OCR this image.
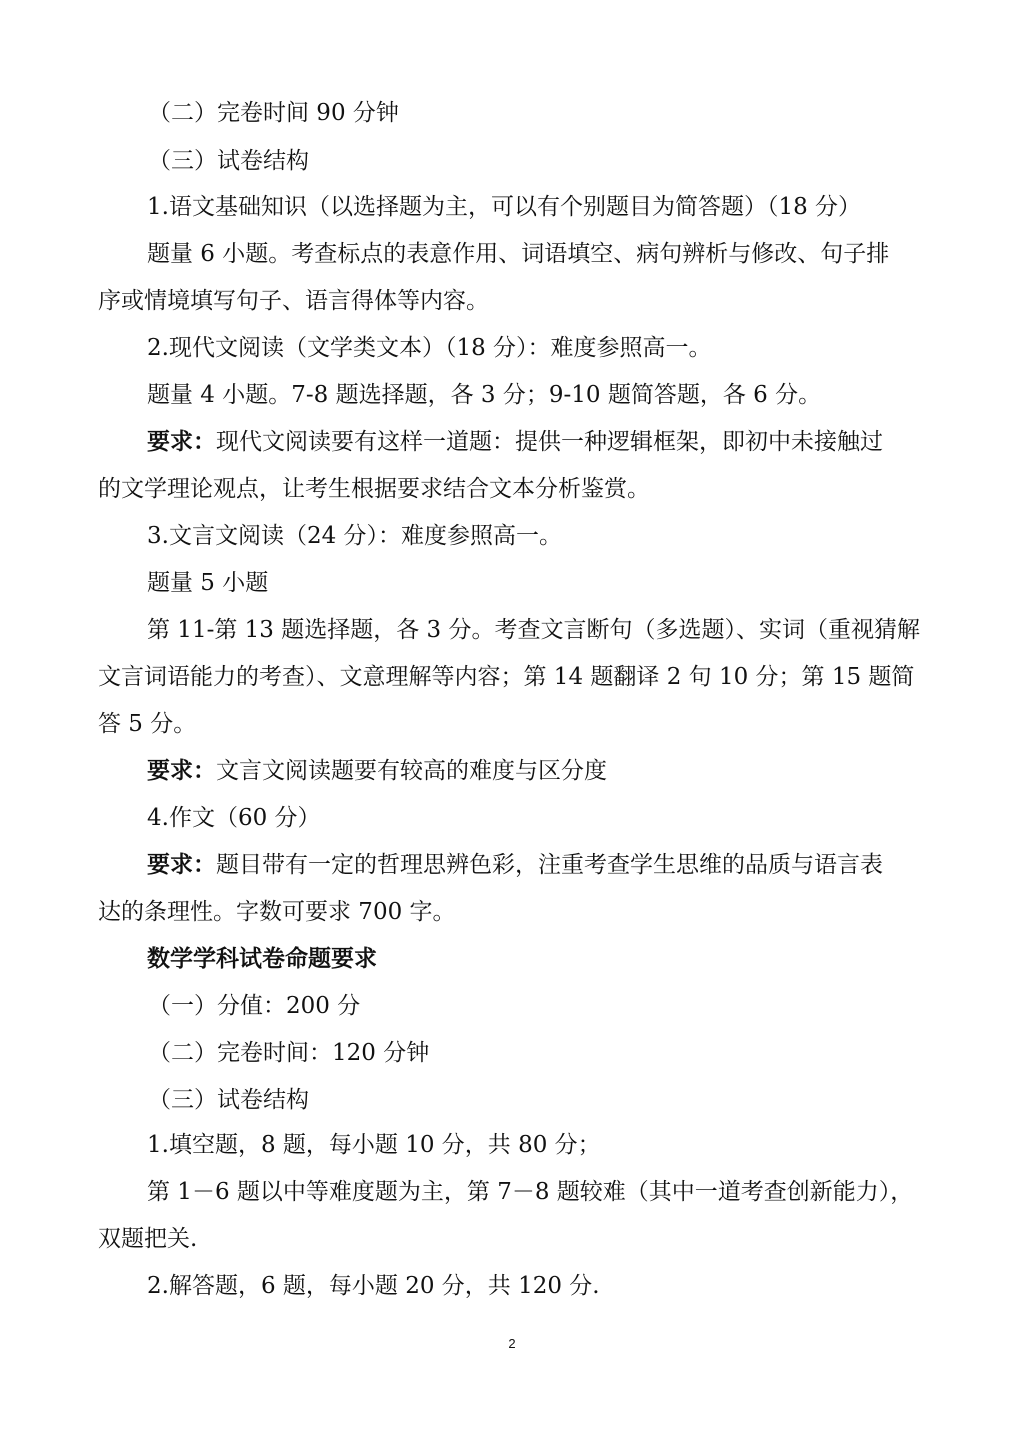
（二）完卷时间 90 分钟
（三）试卷结构
1.语文基础知识（以选择题为主，可以有个别题目为简答题）（18 分）
题量 6 小题。考查标点的表意作用、词语填空、病句辨析与修改、句子排
序或情境填写句子、语言得体等内容。
2.现代文阅读（文学类文本）（18 分）：难度参照高一。
题量 4 小题。7-8 题选择题，各 3 分；9-10 题简答题，各 6 分。
要求：现代文阅读要有这样一道题：提供一种逻辑框架，即初中未接触过
的文学理论观点，让考生根据要求结合文本分析鉴赏。
3.文言文阅读（24 分）：难度参照高一。
题量 5 小题
第 11-第 13 题选择题，各 3 分。考查文言断句（多选题）、实词（重视猜解
文言词语能力的考查）、文意理解等内容；第 14 题翻译 2 句 10 分；第 15 题简
答 5 分。
要求：文言文阅读题要有较高的难度与区分度
4.作文（60 分）
要求：题目带有一定的哲理思辨色彩，注重考查学生思维的品质与语言表
达的条理性。字数可要求 700 字。
数学学科试卷命题要求
（一）分值：200 分
（二）完卷时间：120 分钟
（三）试卷结构
1.填空题，8 题，每小题 10 分，共 80 分；
第 1－6 题以中等难度题为主，第 7－8 题较难（其中一道考查创新能力），
双题把关.
2.解答题，6 题，每小题 20 分，共 120 分.
2
